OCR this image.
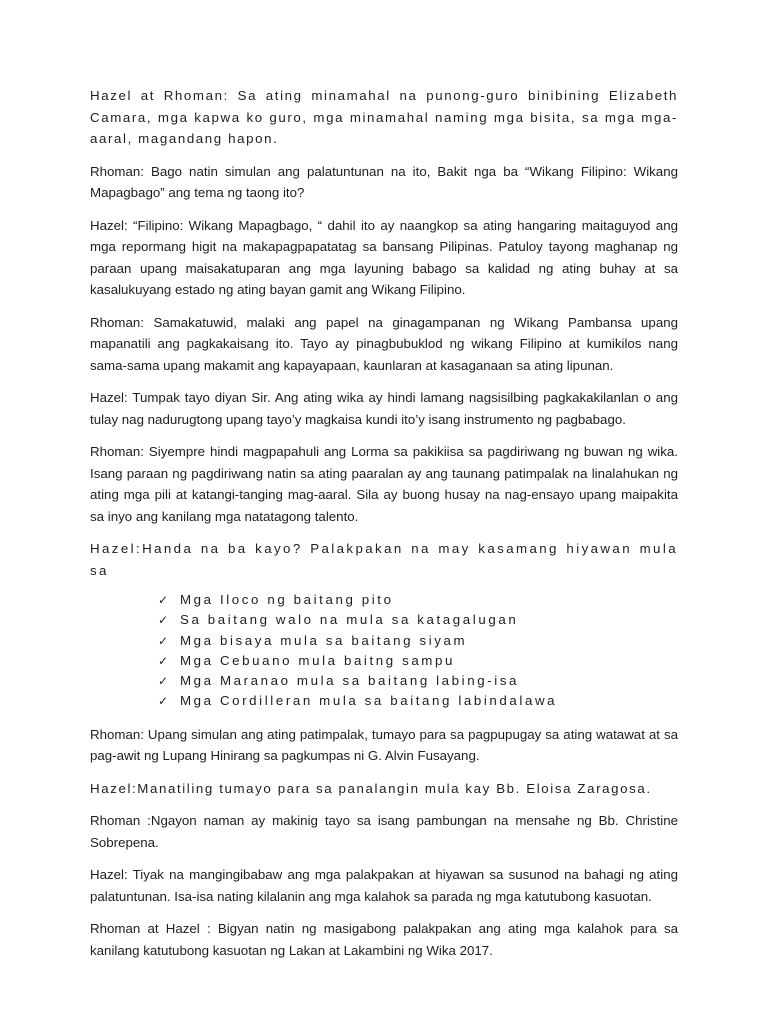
Hazel at Rhoman: Sa ating minamahal na punong-guro binibining Elizabeth Camara, mga kapwa ko guro, mga minamahal naming mga bisita, sa mga mga-aaral, magandang hapon.

Rhoman: Bago natin simulan ang palatuntunan na ito, Bakit nga ba “Wikang Filipino: Wikang Mapagbago” ang tema ng taong ito?

Hazel: “Filipino: Wikang Mapagbago, “ dahil ito ay naangkop sa ating hangaring maitaguyod ang mga repormang higit na makapagpapatatag sa bansang Pilipinas. Patuloy tayong maghanap ng paraan upang maisakatuparan ang mga layuning babago sa kalidad ng ating buhay at sa kasalukuyang estado ng ating bayan gamit ang Wikang Filipino.

Rhoman: Samakatuwid, malaki ang papel na ginagampanan ng Wikang Pambansa upang mapanatili ang pagkakaisang ito. Tayo ay pinagbubuklod ng wikang Filipino at kumikilos nang sama-sama upang makamit ang kapayapaan, kaunlaran at kasaganaan sa ating lipunan.

Hazel: Tumpak tayo diyan Sir. Ang ating wika ay hindi lamang nagsisilbing pagkakakilanlan o ang tulay nag nadurugtong upang tayo’y magkaisa kundi ito’y isang instrumento ng pagbabago.

Rhoman: Siyempre hindi magpapahuli ang Lorma sa pakikiisa sa pagdiriwang ng buwan ng wika. Isang paraan ng pagdiriwang natin sa ating paaralan ay ang taunang patimpalak na linalahukan ng ating mga pili at katangi-tanging mag-aaral. Sila ay buong husay na nag-ensayo upang maipakita sa inyo ang kanilang mga natatagong talento.

Hazel:Handa na ba kayo? Palakpakan na may kasamang hiyawan mula sa

✓ Mga Iloco ng baitang pito
✓ Sa baitang walo na mula sa katagalugan
✓ Mga bisaya mula sa baitang siyam
✓ Mga Cebuano mula baitng sampu
✓ Mga Maranao mula sa baitang labing-isa
✓ Mga Cordilleran mula sa baitang labindalawa

Rhoman: Upang simulan ang ating patimpalak, tumayo para sa pagpupugay sa ating watawat at sa pag-awit ng Lupang Hinirang sa pagkumpas ni G. Alvin Fusayang.

Hazel:Manatiling tumayo para sa panalangin mula kay Bb. Eloisa Zaragosa.

Rhoman :Ngayon naman ay makinig tayo sa isang pambungan na mensahe ng Bb. Christine Sobrepena.

Hazel: Tiyak na mangingibabaw ang mga palakpakan at hiyawan sa susunod na bahagi ng ating palatuntunan. Isa-isa nating kilalanin ang mga kalahok sa parada ng mga katutubong kasuotan.

Rhoman at Hazel : Bigyan natin ng masigabong palakpakan ang ating mga kalahok para sa kanilang katutubong kasuotan ng Lakan at Lakambini ng Wika 2017.
